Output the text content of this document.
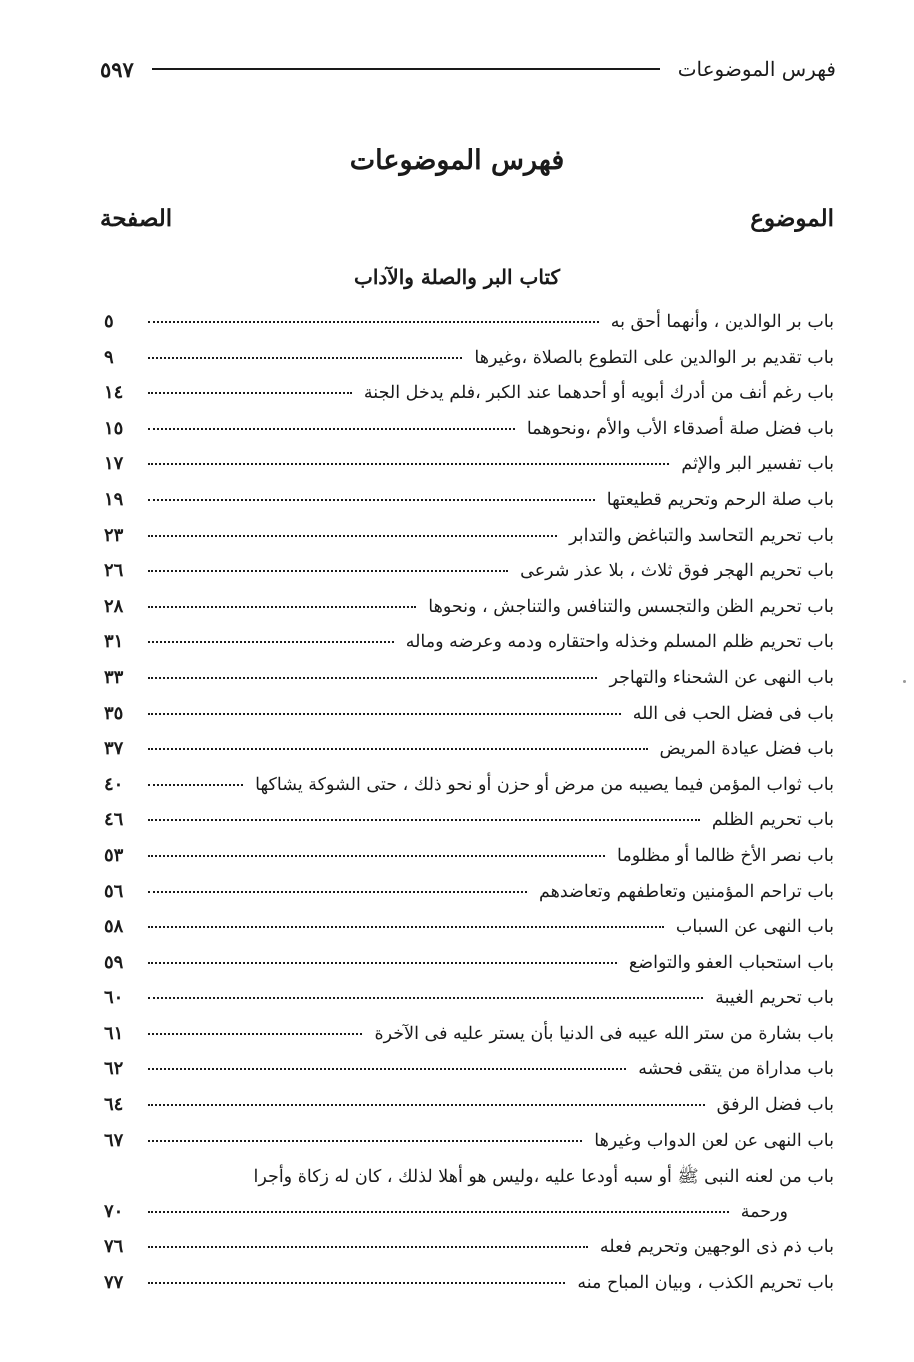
فهرس الموضوعات
٥٩٧
فهرس الموضوعات
الموضوع
الصفحة
كتاب البر والصلة والآداب
باب بر الوالدين ، وأنهما أحق به
٥
باب تقديم بر الوالدين على التطوع بالصلاة ،وغيرها
٩
باب رغم أنف من أدرك أبويه أو أحدهما عند الكبر ،فلم يدخل الجنة
١٤
باب فضل صلة أصدقاء الأب والأم ،ونحوهما
١٥
باب تفسير البر والإثم
١٧
باب صلة الرحم وتحريم قطيعتها
١٩
باب تحريم التحاسد والتباغض والتدابر
٢٣
باب تحريم الهجر فوق ثلاث ، بلا عذر شرعى
٢٦
باب تحريم الظن والتجسس والتنافس والتناجش ، ونحوها
٢٨
باب تحريم ظلم المسلم وخذله واحتقاره ودمه وعرضه وماله
٣١
باب النهى عن الشحناء والتهاجر
٣٣
باب فى فضل الحب فى الله
٣٥
باب فضل عيادة المريض
٣٧
باب ثواب المؤمن فيما يصيبه من مرض أو حزن أو نحو ذلك ، حتى الشوكة يشاكها
٤٠
باب تحريم الظلم
٤٦
باب نصر الأخ ظالما أو مظلوما
٥٣
باب تراحم المؤمنين وتعاطفهم وتعاضدهم
٥٦
باب النهى عن السباب
٥٨
باب استحباب العفو والتواضع
٥٩
باب تحريم الغيبة
٦٠
باب بشارة من ستر الله عيبه فى الدنيا بأن يستر عليه فى الآخرة
٦١
باب مداراة من يتقى فحشه
٦٢
باب فضل الرفق
٦٤
باب النهى عن لعن الدواب وغيرها
٦٧
باب من لعنه النبى ﷺ أو سبه أودعا عليه ،وليس هو أهلا لذلك ، كان له زكاة وأجرا
ورحمة
٧٠
باب ذم ذى الوجهين وتحريم فعله
٧٦
باب تحريم الكذب ، وبيان المباح منه
٧٧
